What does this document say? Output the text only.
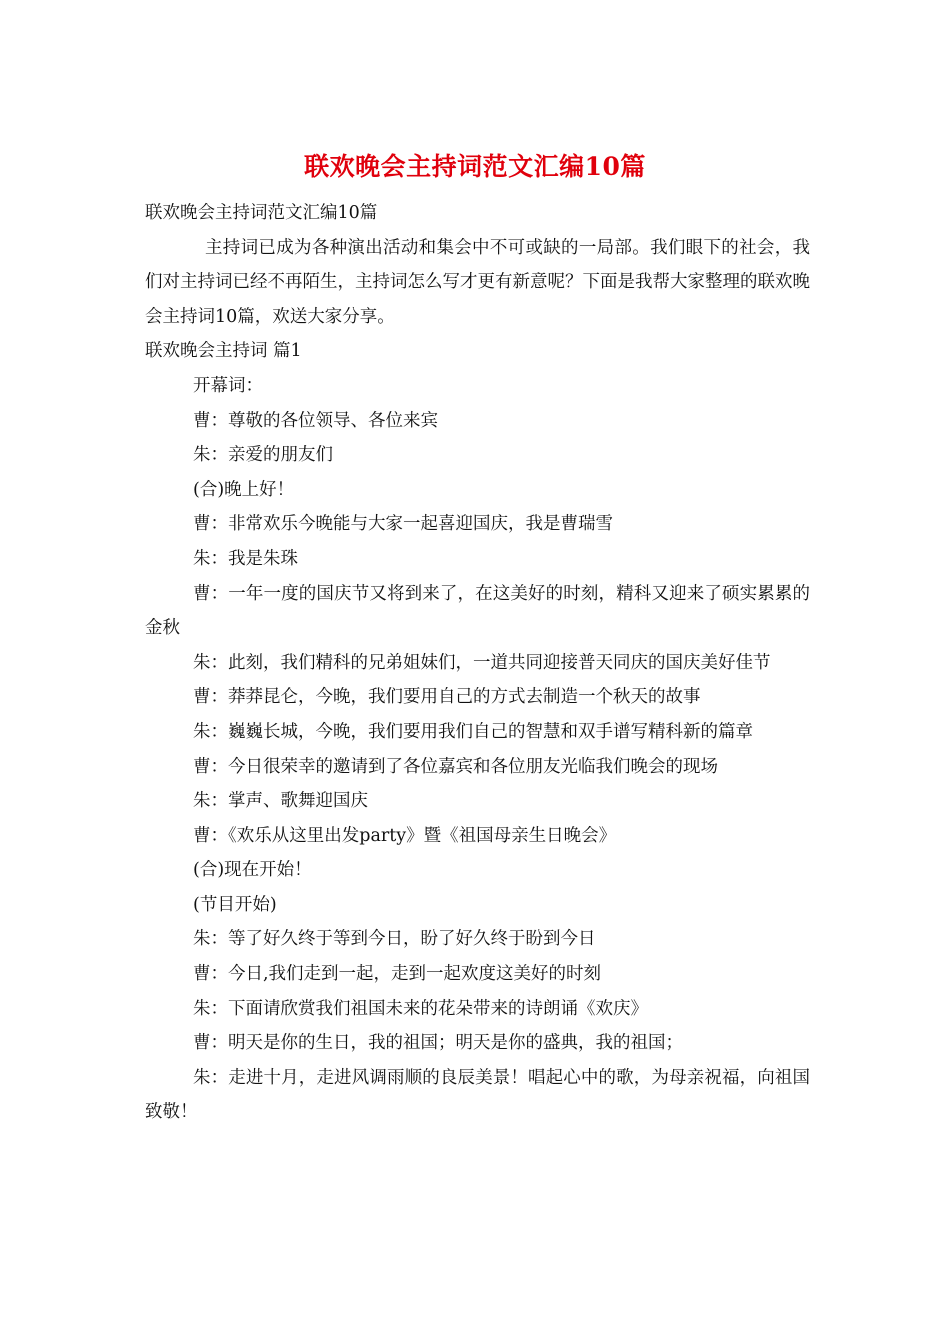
联欢晚会主持词范文汇编10篇

联欢晚会主持词范文汇编10篇

主持词已成为各种演出活动和集会中不可或缺的一局部。我们眼下的社会，我们对主持词已经不再陌生，主持词怎么写才更有新意呢？下面是我帮大家整理的联欢晚会主持词10篇，欢送大家分享。

联欢晚会主持词 篇1

开幕词：

曹：尊敬的各位领导、各位来宾

朱：亲爱的朋友们

(合)晚上好！

曹：非常欢乐今晚能与大家一起喜迎国庆，我是曹瑞雪

朱：我是朱珠

曹：一年一度的国庆节又将到来了，在这美好的时刻，精科又迎来了硕实累累的金秋

朱：此刻，我们精科的兄弟姐妹们，一道共同迎接普天同庆的国庆美好佳节

曹：莽莽昆仑，今晚，我们要用自己的方式去制造一个秋天的故事

朱：巍巍长城，今晚，我们要用我们自己的智慧和双手谱写精科新的篇章

曹：今日很荣幸的邀请到了各位嘉宾和各位朋友光临我们晚会的现场

朱：掌声、歌舞迎国庆

曹：《欢乐从这里出发party》暨《祖国母亲生日晚会》

(合)现在开始！

(节目开始)

朱：等了好久终于等到今日，盼了好久终于盼到今日

曹：今日,我们走到一起，走到一起欢度这美好的时刻

朱：下面请欣赏我们祖国未来的花朵带来的诗朗诵《欢庆》

曹：明天是你的生日，我的祖国；明天是你的盛典，我的祖国；

朱：走进十月，走进风调雨顺的良辰美景！唱起心中的歌，为母亲祝福，向祖国致敬！
